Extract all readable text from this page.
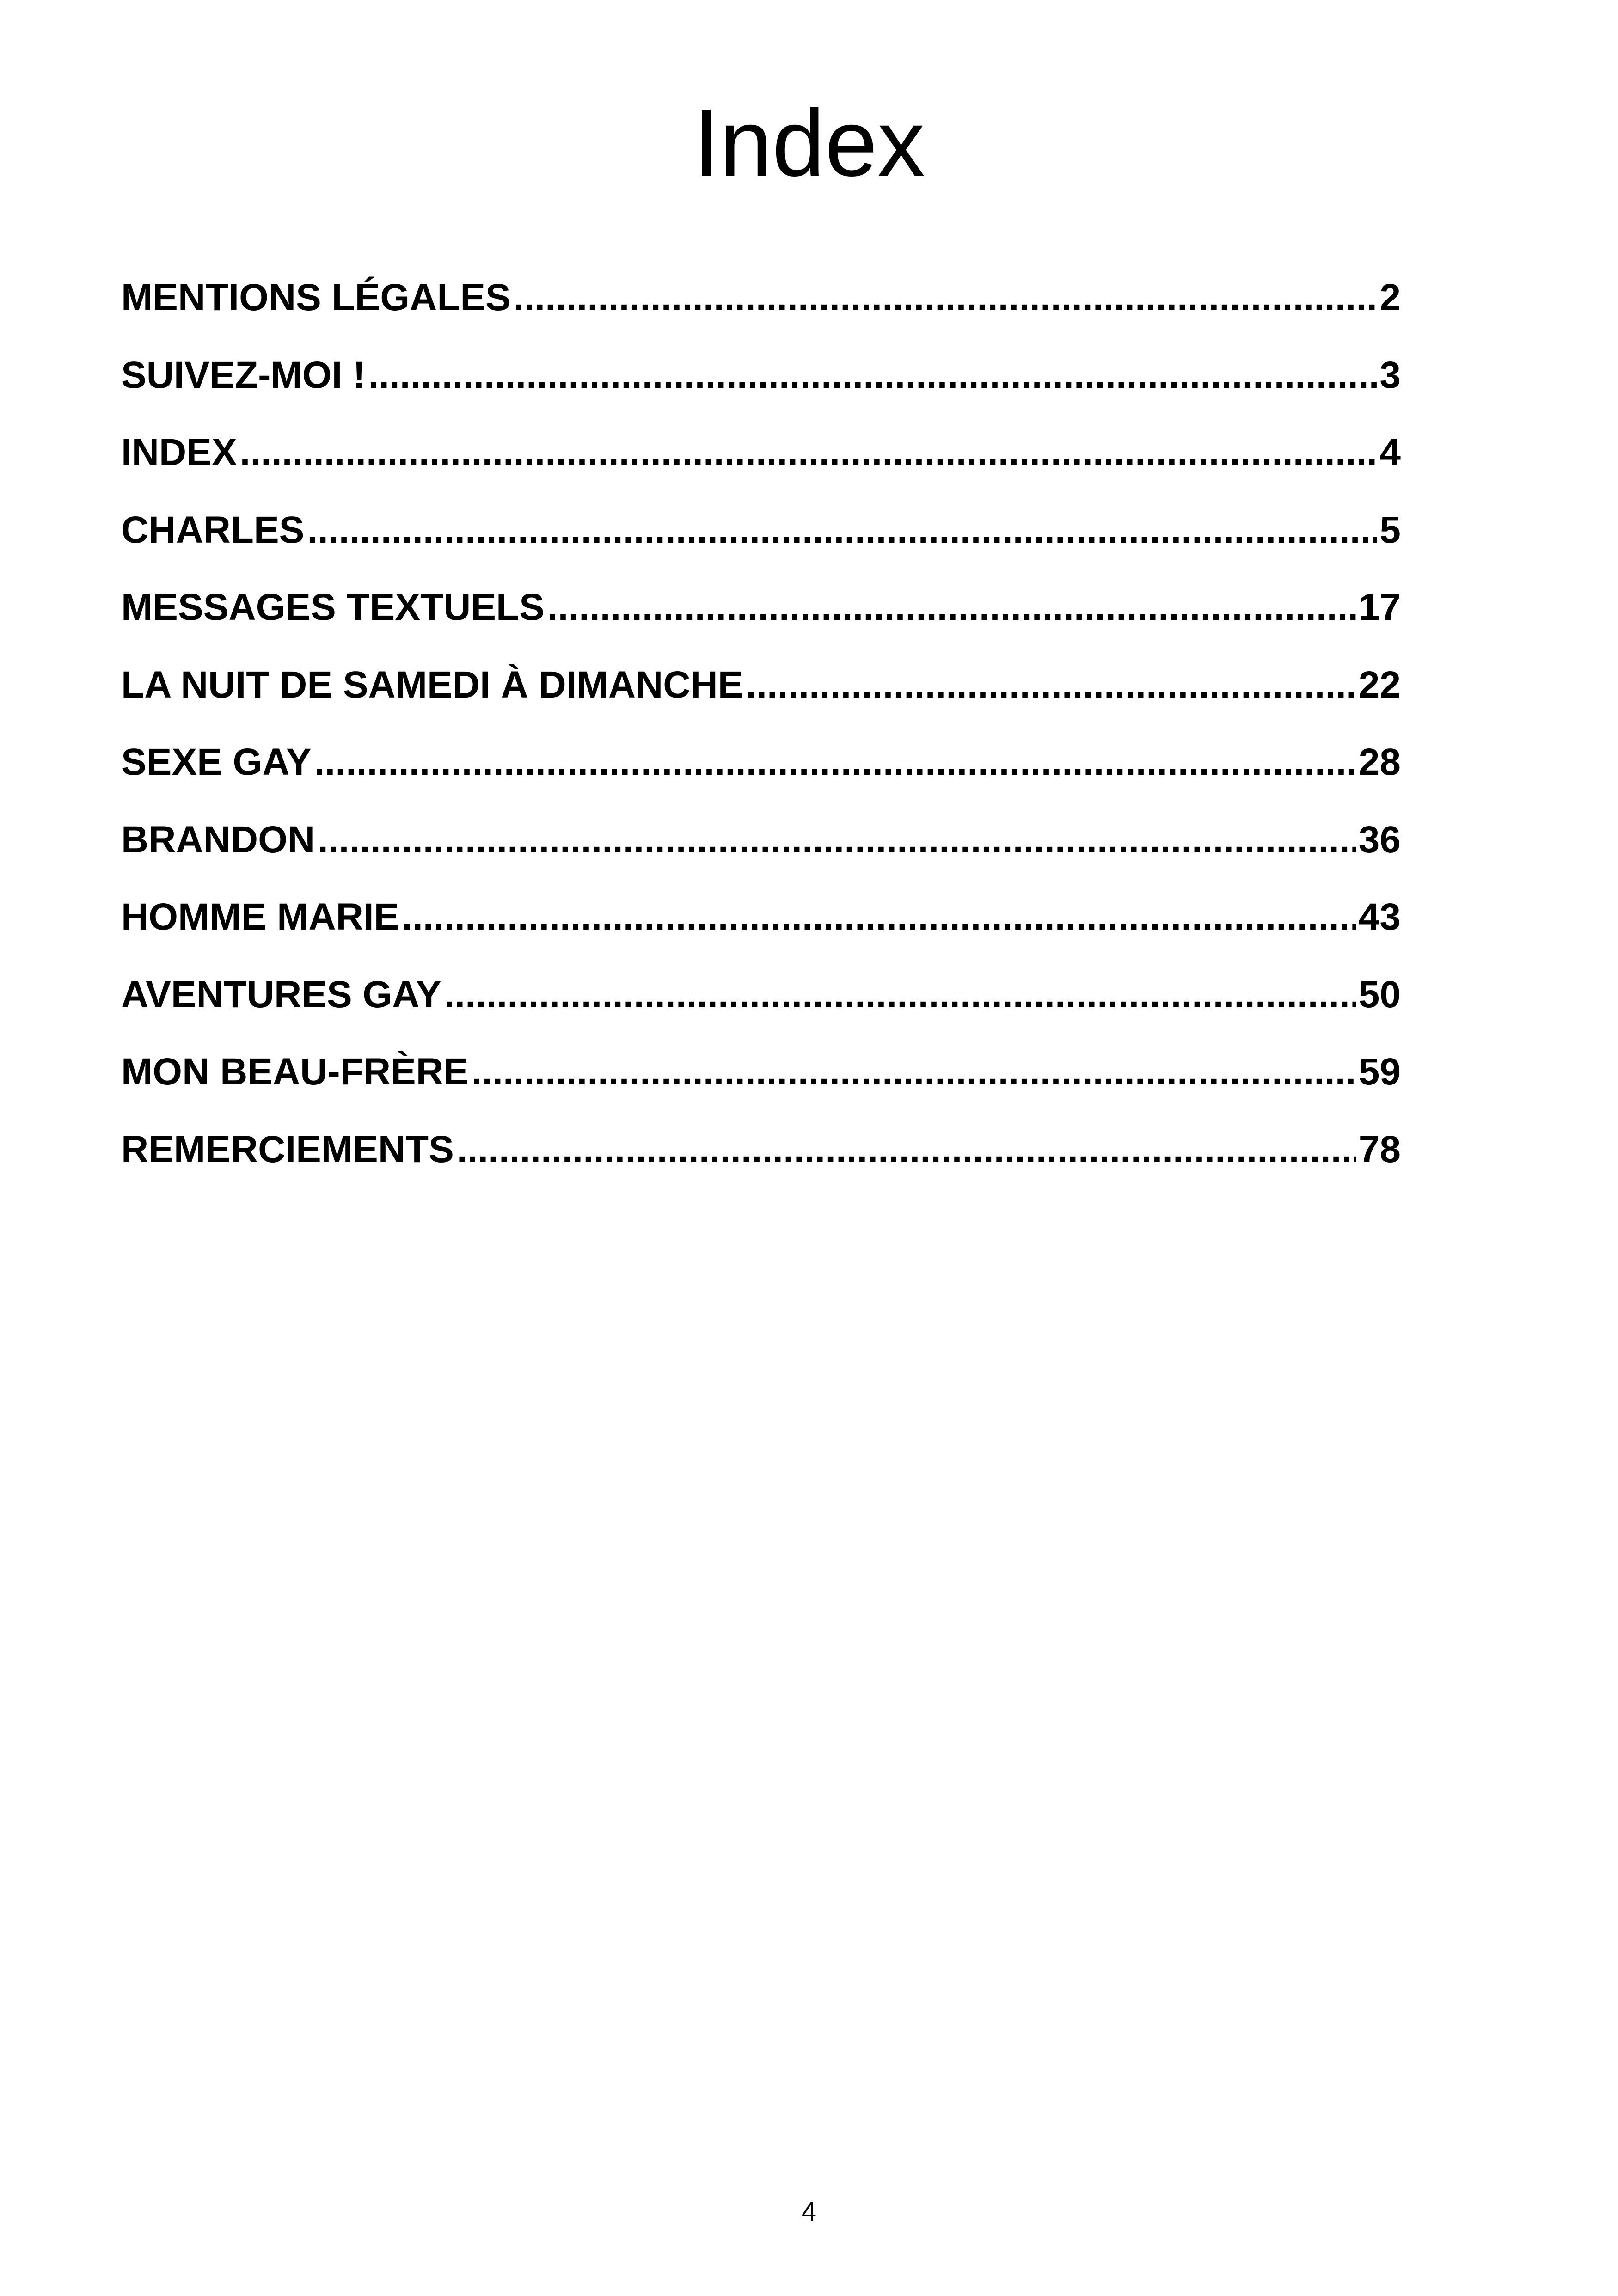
Index
MENTIONS LÉGALES .....	2
SUIVEZ-MOI ! .....	3
INDEX .....	4
CHARLES .....	5
MESSAGES TEXTUELS .....	17
LA NUIT DE SAMEDI À DIMANCHE .....	22
SEXE GAY .....	28
BRANDON .....	36
HOMME MARIE .....	43
AVENTURES GAY .....	50
MON BEAU-FRÈRE .....	59
REMERCIEMENTS .....	78
4
